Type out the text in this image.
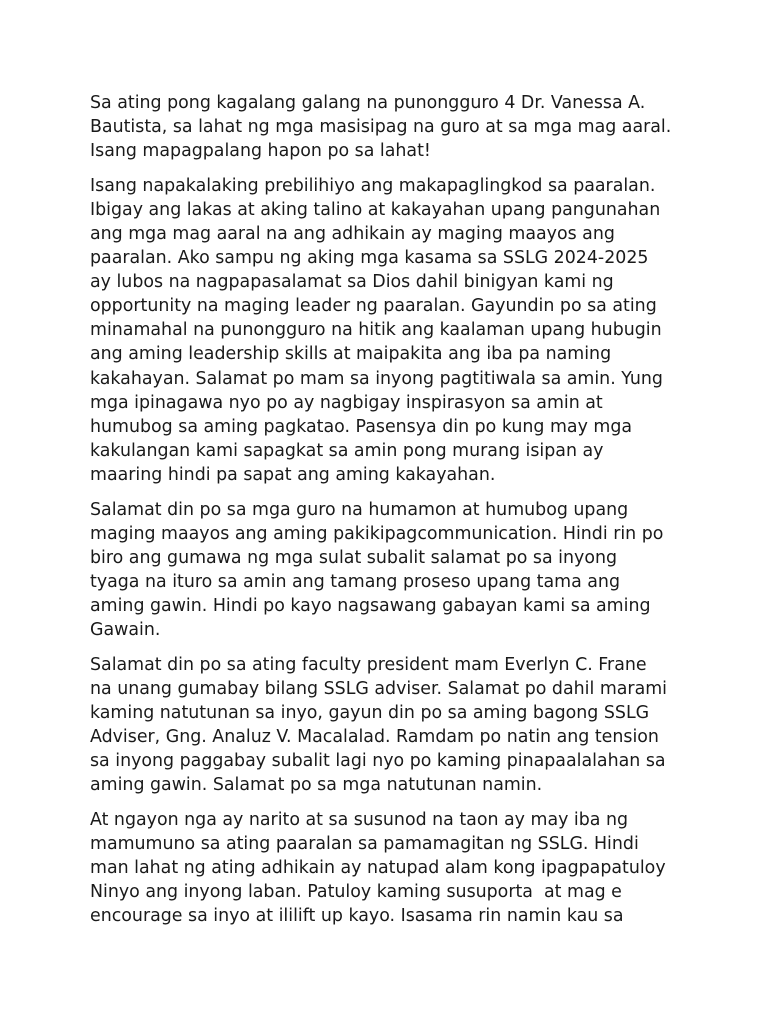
Sa ating pong kagalang galang na punongguro 4 Dr. Vanessa A.
Bautista, sa lahat ng mga masisipag na guro at sa mga mag aaral.
Isang mapagpalang hapon po sa lahat!

Isang napakalaking prebilihiyo ang makapaglingkod sa paaralan.
Ibigay ang lakas at aking talino at kakayahan upang pangunahan
ang mga mag aaral na ang adhikain ay maging maayos ang
paaralan. Ako sampu ng aking mga kasama sa SSLG 2024-2025
ay lubos na nagpapasalamat sa Dios dahil binigyan kami ng
opportunity na maging leader ng paaralan. Gayundin po sa ating
minamahal na punongguro na hitik ang kaalaman upang hubugin
ang aming leadership skills at maipakita ang iba pa naming
kakahayan. Salamat po mam sa inyong pagtitiwala sa amin. Yung
mga ipinagawa nyo po ay nagbigay inspirasyon sa amin at
humubog sa aming pagkatao. Pasensya din po kung may mga
kakulangan kami sapagkat sa amin pong murang isipan ay
maaring hindi pa sapat ang aming kakayahan.

Salamat din po sa mga guro na humamon at humubog upang
maging maayos ang aming pakikipagcommunication. Hindi rin po
biro ang gumawa ng mga sulat subalit salamat po sa inyong
tyaga na ituro sa amin ang tamang proseso upang tama ang
aming gawin. Hindi po kayo nagsawang gabayan kami sa aming
Gawain.

Salamat din po sa ating faculty president mam Everlyn C. Frane
na unang gumabay bilang SSLG adviser. Salamat po dahil marami
kaming natutunan sa inyo, gayun din po sa aming bagong SSLG
Adviser, Gng. Analuz V. Macalalad. Ramdam po natin ang tension
sa inyong paggabay subalit lagi nyo po kaming pinapaalalahan sa
aming gawin. Salamat po sa mga natutunan namin.

At ngayon nga ay narito at sa susunod na taon ay may iba ng
mamumuno sa ating paaralan sa pamamagitan ng SSLG. Hindi
man lahat ng ating adhikain ay natupad alam kong ipagpapatuloy
Ninyo ang inyong laban. Patuloy kaming susuporta  at mag e
encourage sa inyo at ililift up kayo. Isasama rin namin kau sa
